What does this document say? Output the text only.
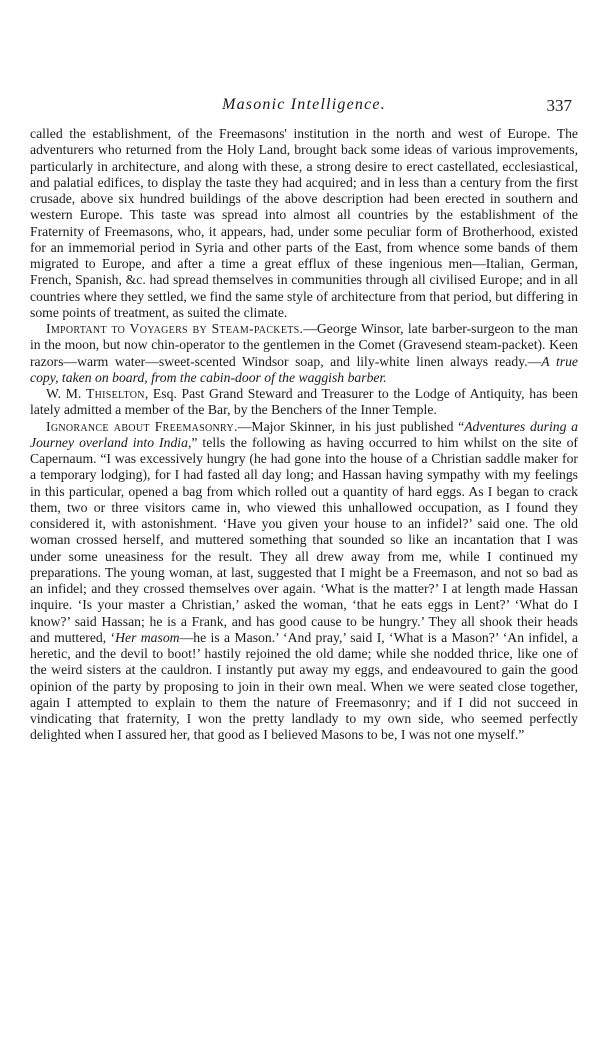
Masonic Intelligence.	337

called the establishment, of the Freemasons' institution in the north and west of Europe. The adventurers who returned from the Holy Land, brought back some ideas of various improvements, particularly in architecture, and along with these, a strong desire to erect castellated, ecclesiastical, and palatial edifices, to display the taste they had acquired; and in less than a century from the first crusade, above six hundred buildings of the above description had been erected in southern and western Europe. This taste was spread into almost all countries by the establishment of the Fraternity of Freemasons, who, it appears, had, under some peculiar form of Brotherhood, existed for an immemorial period in Syria and other parts of the East, from whence some bands of them migrated to Europe, and after a time a great efflux of these ingenious men—Italian, German, French, Spanish, &c. had spread themselves in communities through all civilised Europe; and in all countries where they settled, we find the same style of architecture from that period, but differing in some points of treatment, as suited the climate.

Important to Voyagers by Steam-packets.—George Winsor, late barber-surgeon to the man in the moon, but now chin-operator to the gentlemen in the Comet (Gravesend steam-packet). Keen razors—warm water—sweet-scented Windsor soap, and lily-white linen always ready.—A true copy, taken on board, from the cabin-door of the waggish barber.

W. M. Thiselton, Esq. Past Grand Steward and Treasurer to the Lodge of Antiquity, has been lately admitted a member of the Bar, by the Benchers of the Inner Temple.

Ignorance about Freemasonry.—Major Skinner, in his just published “Adventures during a Journey overland into India,” tells the following as having occurred to him whilst on the site of Capernaum. “I was excessively hungry (he had gone into the house of a Christian saddle maker for a temporary lodging), for I had fasted all day long; and Hassan having sympathy with my feelings in this particular, opened a bag from which rolled out a quantity of hard eggs. As I began to crack them, two or three visitors came in, who viewed this unhallowed occupation, as I found they considered it, with astonishment. ‘Have you given your house to an infidel?’ said one. The old woman crossed herself, and muttered something that sounded so like an incantation that I was under some uneasiness for the result. They all drew away from me, while I continued my preparations. The young woman, at last, suggested that I might be a Freemason, and not so bad as an infidel; and they crossed themselves over again. ‘What is the matter?’ I at length made Hassan inquire. ‘Is your master a Christian,’ asked the woman, ‘that he eats eggs in Lent?’ ‘What do I know?’ said Hassan; he is a Frank, and has good cause to be hungry.’ They all shook their heads and muttered, ‘Her masom—he is a Mason.’ ‘And pray,’ said I, ‘What is a Mason?’ ‘An infidel, a heretic, and the devil to boot!’ hastily rejoined the old dame; while she nodded thrice, like one of the weird sisters at the cauldron. I instantly put away my eggs, and endeavoured to gain the good opinion of the party by proposing to join in their own meal. When we were seated close together, again I attempted to explain to them the nature of Freemasonry; and if I did not succeed in vindicating that fraternity, I won the pretty landlady to my own side, who seemed perfectly delighted when I assured her, that good as I believed Masons to be, I was not one myself.”
